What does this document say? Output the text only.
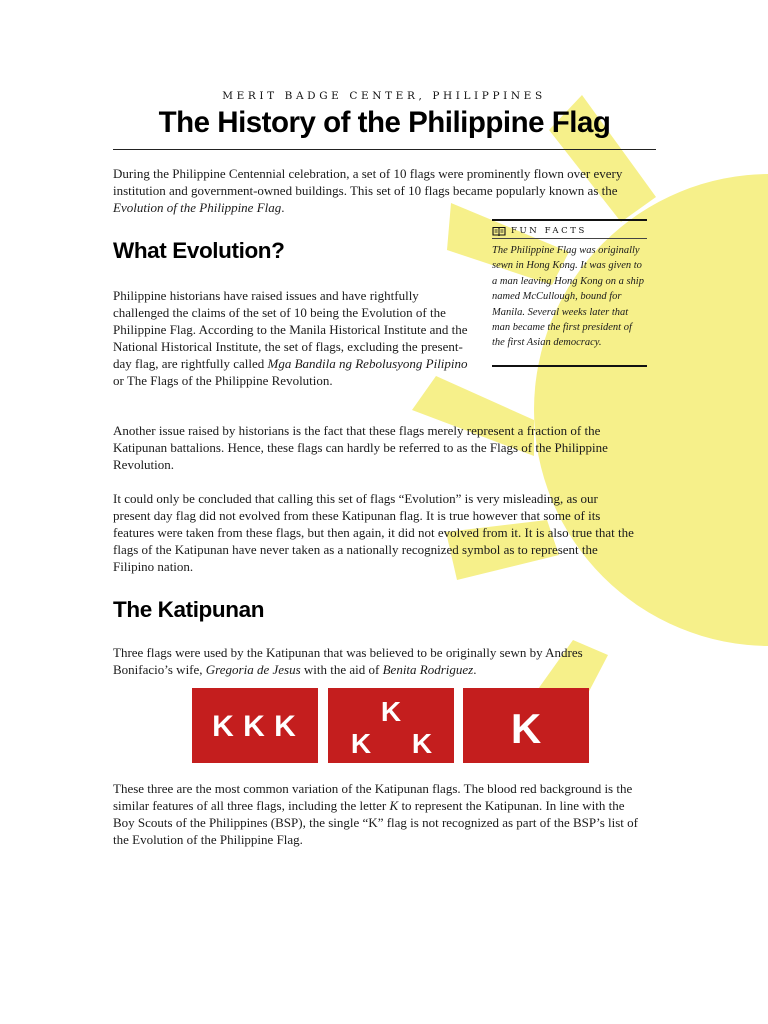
MERIT BADGE CENTER, PHILIPPINES
The History of the Philippine Flag

During the Philippine Centennial celebration, a set of 10 flags were prominently flown over every institution and government-owned buildings. This set of 10 flags became popularly known as the Evolution of the Philippine Flag.

FUN FACTS

The Philippine Flag was originally sewn in Hong Kong. It was given to a man leaving Hong Kong on a ship named McCullough, bound for Manila. Several weeks later that man became the first president of the first Asian democracy.

What Evolution?

Philippine historians have raised issues and have rightfully challenged the claims of the set of 10 being the Evolution of the Philippine Flag. According to the Manila Historical Institute and the National Historical Institute, the set of flags, excluding the present-day flag, are rightfully called Mga Bandila ng Rebolusyong Pilipino or The Flags of the Philippine Revolution.

Another issue raised by historians is the fact that these flags merely represent a fraction of the Katipunan battalions. Hence, these flags can hardly be referred to as the Flags of the Philippine Revolution.

It could only be concluded that calling this set of flags “Evolution” is very misleading, as our present day flag did not evolved from these Katipunan flag. It is true however that some of its features were taken from these flags, but then again, it did not evolved from it. It is also true that the flags of the Katipunan have never taken as a nationally recognized symbol as to represent the Filipino nation.

The Katipunan

Three flags were used by the Katipunan that was believed to be originally sewn by Andres Bonifacio’s wife, Gregoria de Jesus with the aid of Benita Rodriguez.

K K K	K
K K K

These three are the most common variation of the Katipunan flags. The blood red background is the similar features of all three flags, including the letter K to represent the Katipunan. In line with the Boy Scouts of the Philippines (BSP), the single “K” flag is not recognized as part of the BSP’s list of the Evolution of the Philippine Flag.
